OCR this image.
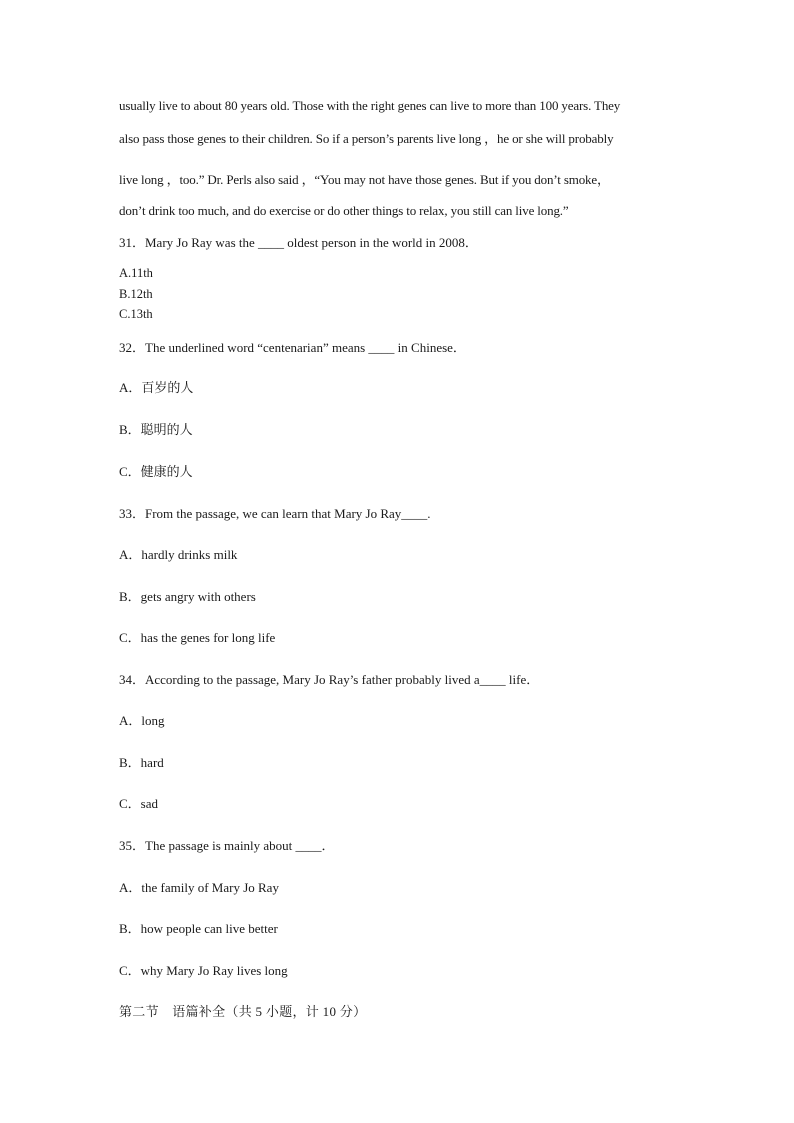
usually live to about 80 years old. Those with the right genes can live to more than 100 years. They
also pass those genes to their children. So if a person’s parents live long ，he or she will probably
live long ，too.” Dr. Perls also said ，“You may not have those genes. But if you don’t smoke，
don’t drink too much, and do exercise or do other things to relax, you still can live long.”
31．Mary Jo Ray was the ____ oldest person in the world in 2008．
A.11th
B.12th
C.13th
32．The underlined word “centenarian” means ____ in Chinese．
A．百岁的人
B．聪明的人
C．健康的人
33．From the passage, we can learn that Mary Jo Ray____.
A．hardly drinks milk
B．gets angry with others
C．has the genes for long life
34．According to the passage, Mary Jo Ray’s father probably lived a____ life．
A．long
B．hard
C．sad
35．The passage is mainly about ____．
A．the family of Mary Jo Ray
B．how people can live better
C．why Mary Jo Ray lives long
第二节　语篇补全（共 5 小题，计 10 分）
